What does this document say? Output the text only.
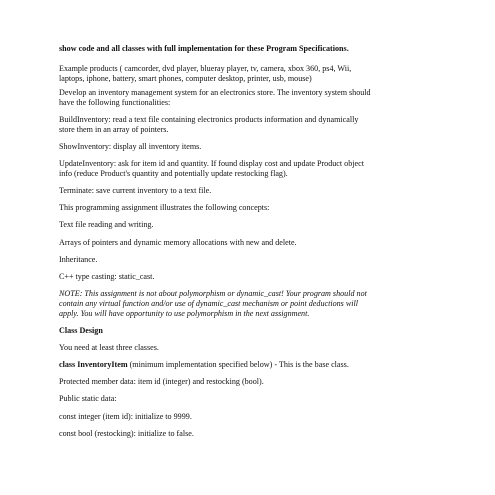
show code and all classes with full implementation for these Program Specifications.

Example products ( camcorder, dvd player, blueray player, tv, camera, xbox 360, ps4, Wii,

laptops, iphone, battery, smart phones, computer desktop, printer, usb, mouse)

Develop an inventory management system for an electronics store. The inventory system should

have the following functionalities:

BuildInventory: read a text file containing electronics products information and dynamically

store them in an array of pointers.

ShowInventory: display all inventory items.

UpdateInventory: ask for item id and quantity. If found display cost and update Product object

info (reduce Product's quantity and potentially update restocking flag).

Terminate: save current inventory to a text file.

This programming assignment illustrates the following concepts:

Text file reading and writing.

Arrays of pointers and dynamic memory allocations with new and delete.

Inheritance.

C++ type casting: static_cast.

NOTE: This assignment is not about polymorphism or dynamic_cast! Your program should not

contain any virtual function and/or use of dynamic_cast mechanism or point deductions will

apply. You will have opportunity to use polymorphism in the next assignment.

Class Design

You need at least three classes.

class InventoryItem (minimum implementation specified below) - This is the base class.

Protected member data: item id (integer) and restocking (bool).

Public static data:

const integer (item id): initialize to 9999.

const bool (restocking): initialize to false.
